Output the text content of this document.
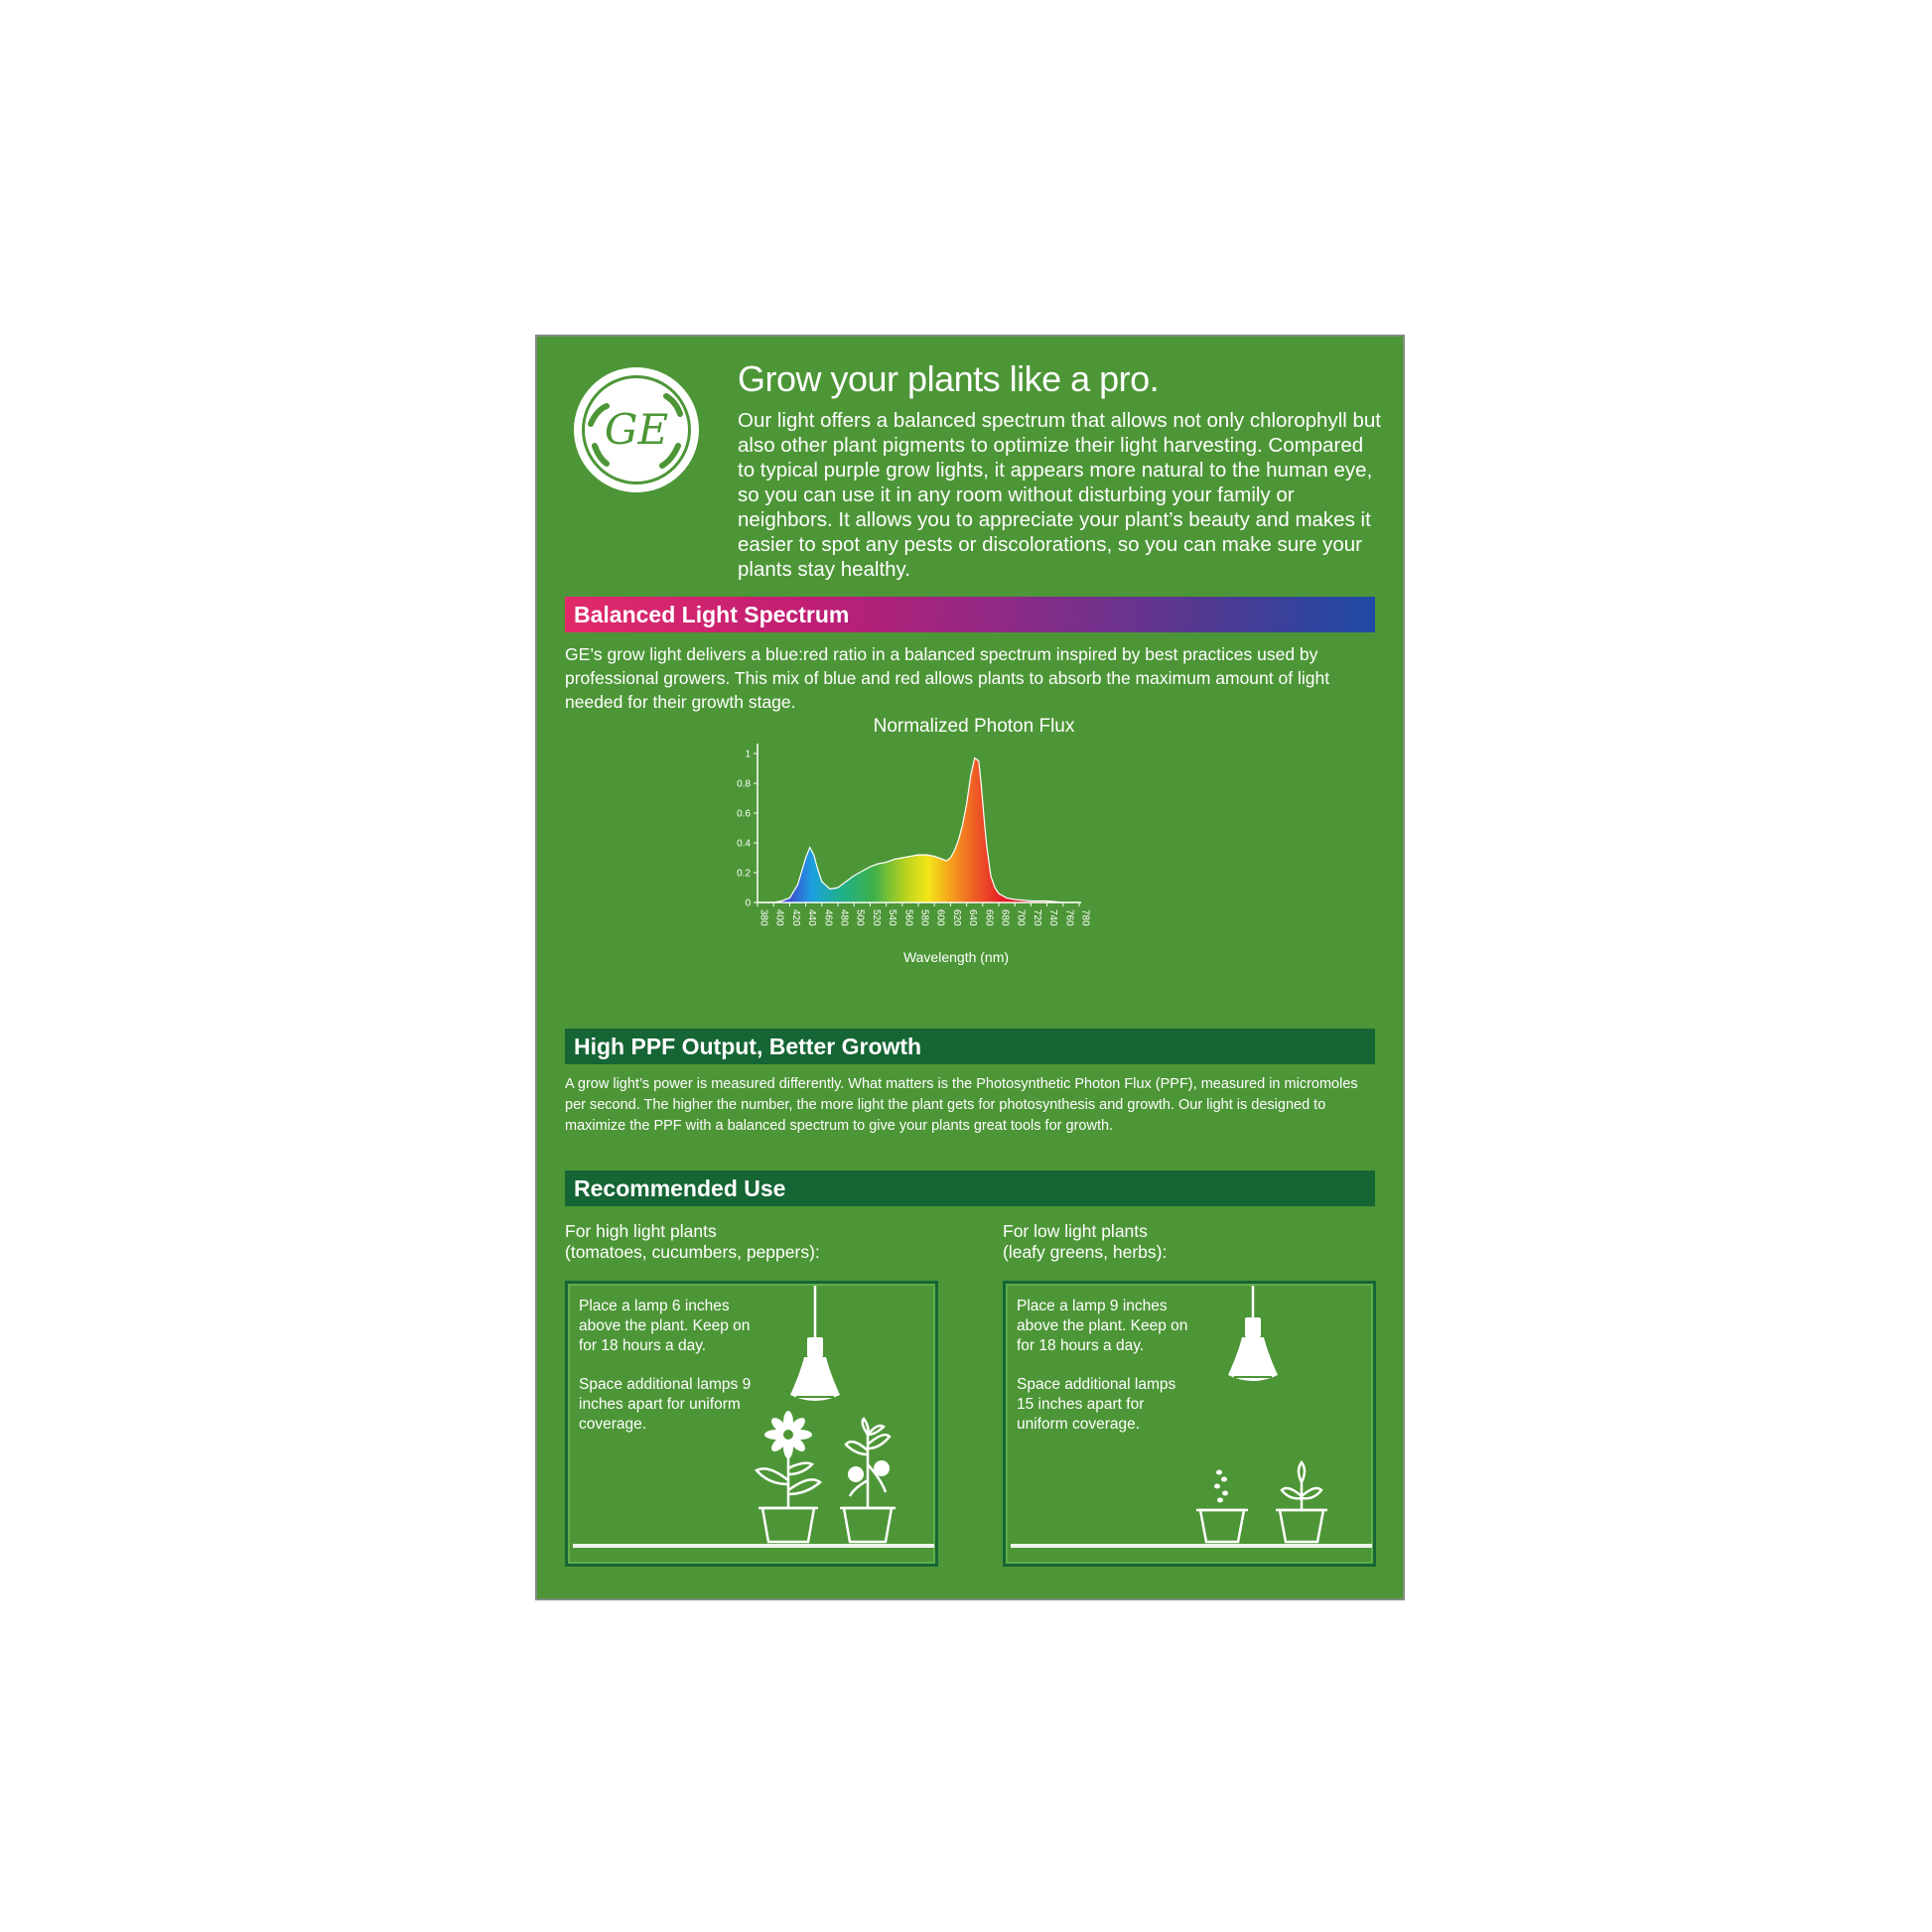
GE
Grow your plants like a pro.
Our light offers a balanced spectrum that allows not only chlorophyll but also other plant pigments to optimize their light harvesting. Compared to typical purple grow lights, it appears more natural to the human eye, so you can use it in any room without disturbing your family or neighbors. It allows you to appreciate your plant’s beauty and makes it easier to spot any pests or discolorations, so you can make sure your plants stay healthy.
Balanced Light Spectrum
GE’s grow light delivers a blue:red ratio in a balanced spectrum inspired by best practices used by professional growers. This mix of blue and red allows plants to absorb the maximum amount of light needed for their growth stage.
Normalized Photon Flux
0
0.2
0.4
0.6
0.8
1
380 400 420 440 460 480 500 520 540 560 580 600 620 640 660 680 700 720 740 760 780
Wavelength (nm)
High PPF Output, Better Growth
A grow light’s power is measured differently. What matters is the Photosynthetic Photon Flux (PPF), measured in micromoles per second. The higher the number, the more light the plant gets for photosynthesis and growth. Our light is designed to maximize the PPF with a balanced spectrum to give your plants great tools for growth.
Recommended Use
For high light plants
(tomatoes, cucumbers, peppers):
For low light plants
(leafy greens, herbs):

Place a lamp 6 inches above the plant. Keep on for 18 hours a day.

Space additional lamps 9 inches apart for uniform coverage.

Place a lamp 9 inches above the plant. Keep on for 18 hours a day.

Space additional lamps 15 inches apart for uniform coverage.
